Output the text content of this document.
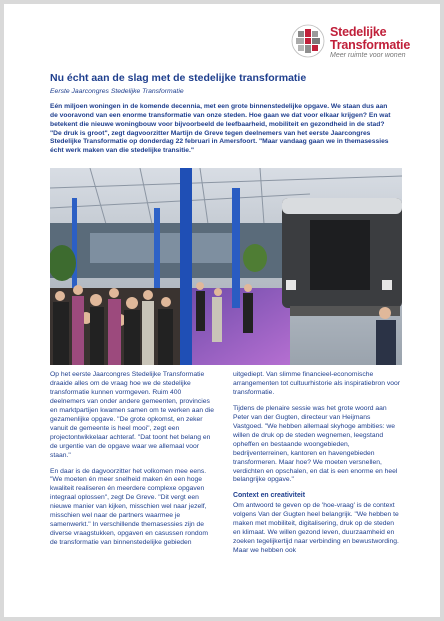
Stedelijke Transformatie
Meer ruimte voor wonen
Nu écht aan de slag met de stedelijke transformatie
Eerste Jaarcongres Stedelijke Transformatie

Eén miljoen woningen in de komende decennia, met een grote binnenstedelijke opgave. We staan dus aan de vooravond van een enorme transformatie van onze steden. Hoe gaan we dat voor elkaar krijgen? En wat betekent die nieuwe woningbouw voor bijvoorbeeld de leefbaarheid, mobiliteit en gezondheid in de stad? "De druk is groot", zegt dagvoorzitter Martijn de Greve tegen deelnemers van het eerste Jaarcongres Stedelijke Transformatie op donderdag 22 februari in Amersfoort. "Maar vandaag gaan we in themasessies écht werk maken van die stedelijke transitie."

Op het eerste Jaarcongres Stedelijke Transformatie draaide alles om de vraag hoe we de stedelijke transformatie kunnen vormgeven. Ruim 400 deelnemers van onder andere gemeenten, provincies en marktpartijen kwamen samen om te werken aan die gezamenlijke opgave. "De grote opkomst, en zeker vanuit de gemeente is heel mooi", zegt een projectontwikkelaar achteraf. "Dat toont het belang en de urgentie van de opgave waar we allemaal voor staan."

En daar is de dagvoorzitter het volkomen mee eens. "We moeten én meer snelheid maken én een hoge kwaliteit realiseren én meerdere complexe opgaven integraal oplossen", zegt De Greve. "Dit vergt een nieuwe manier van kijken, misschien wel naar jezelf, misschien wel naar de partners waarmee je samenwerkt." In verschillende themasessies zijn de diverse vraagstukken, opgaven en casussen rondom de transformatie van binnenstedelijke gebieden

uitgediept. Van slimme financieel-economische arrangementen tot cultuurhistorie als inspiratiebron voor transformatie.

Tijdens de plenaire sessie was het grote woord aan Peter van der Gugten, directeur van Heijmans Vastgoed. "We hebben allemaal skyhoge ambities: we willen de druk op de steden wegnemen, leegstand opheffen en bestaande woongebieden, bedrijventerreinen, kantoren en havengebieden transformeren. Maar hoe? We moeten versnellen, verdichten en opschalen, en dat is een enorme en heel belangrijke opgave."

Context en creativiteit

Om antwoord te geven op de 'hoe-vraag' is de context volgens Van der Gugten heel belangrijk. "We hebben te maken met mobiliteit, digitalisering, druk op de steden en klimaat. We willen gezond leven, duurzaamheid en zoeken tegelijkertijd naar verbinding en bewustwording. Maar we hebben ook
